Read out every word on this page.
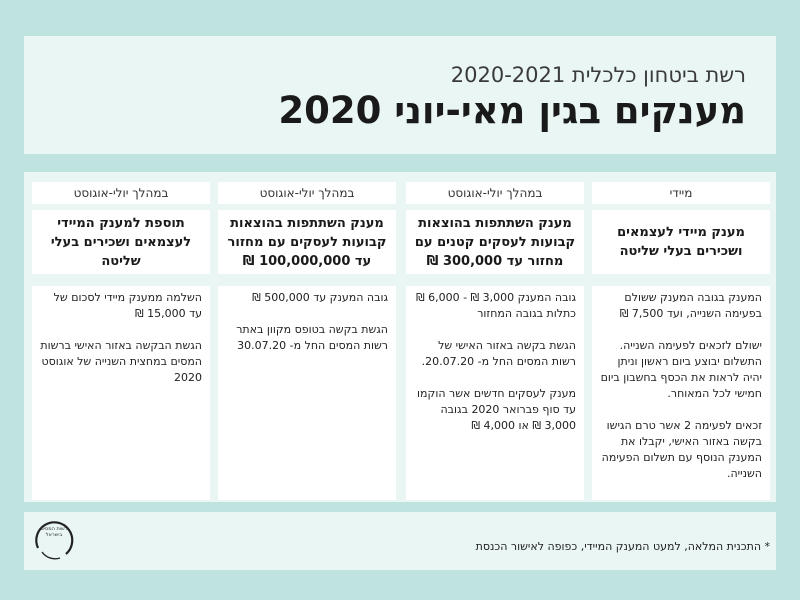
רשת ביטחון כלכלית 2020-2021
מענקים בגין מאי-יוני 2020
מיידי
מענק מיידי לעצמאים ושכירים בעלי שליטה

המענק בגובה המענק ששולם בפעימה השנייה, ועד 7,500 ₪

ישולם לזכאים לפעימה השנייה. התשלום יבוצע ביום ראשון וניתן יהיה לראות את הכסף בחשבון ביום חמישי לכל המאוחר.

זכאים לפעימה 2 אשר טרם הגישו בקשה באזור האישי, יקבלו את המענק הנוסף עם תשלום הפעימה השנייה.

במהלך יולי-אוגוסט
מענק השתתפות בהוצאות קבועות לעסקים קטנים עם מחזור עד 300,000 ₪

גובה המענק 3,000 ₪ - 6,000 ₪ כתלות בגובה המחזור

הגשת בקשה באזור האישי של רשות המסים החל מ- 20.07.20.

מענק לעסקים חדשים אשר הוקמו עד סוף פברואר 2020 בגובה 3,000 ₪ או 4,000 ₪

במהלך יולי-אוגוסט
מענק השתתפות בהוצאות קבועות לעסקים עם מחזור עד 100,000,000 ₪

גובה המענק עד 500,000 ₪

הגשת בקשה בטופס מקוון באתר רשות המסים החל מ- 30.07.20

במהלך יולי-אוגוסט
תוספת למענק המיידי לעצמאים ושכירים בעלי שליטה

השלמה ממענק מיידי לסכום של עד 15,000 ₪

הגשת הבקשה באזור האישי ברשות המסים במחצית השנייה של אוגוסט 2020

רשות המסים בישראל
* התכנית המלאה, למעט המענק המיידי, כפופה לאישור הכנסת
